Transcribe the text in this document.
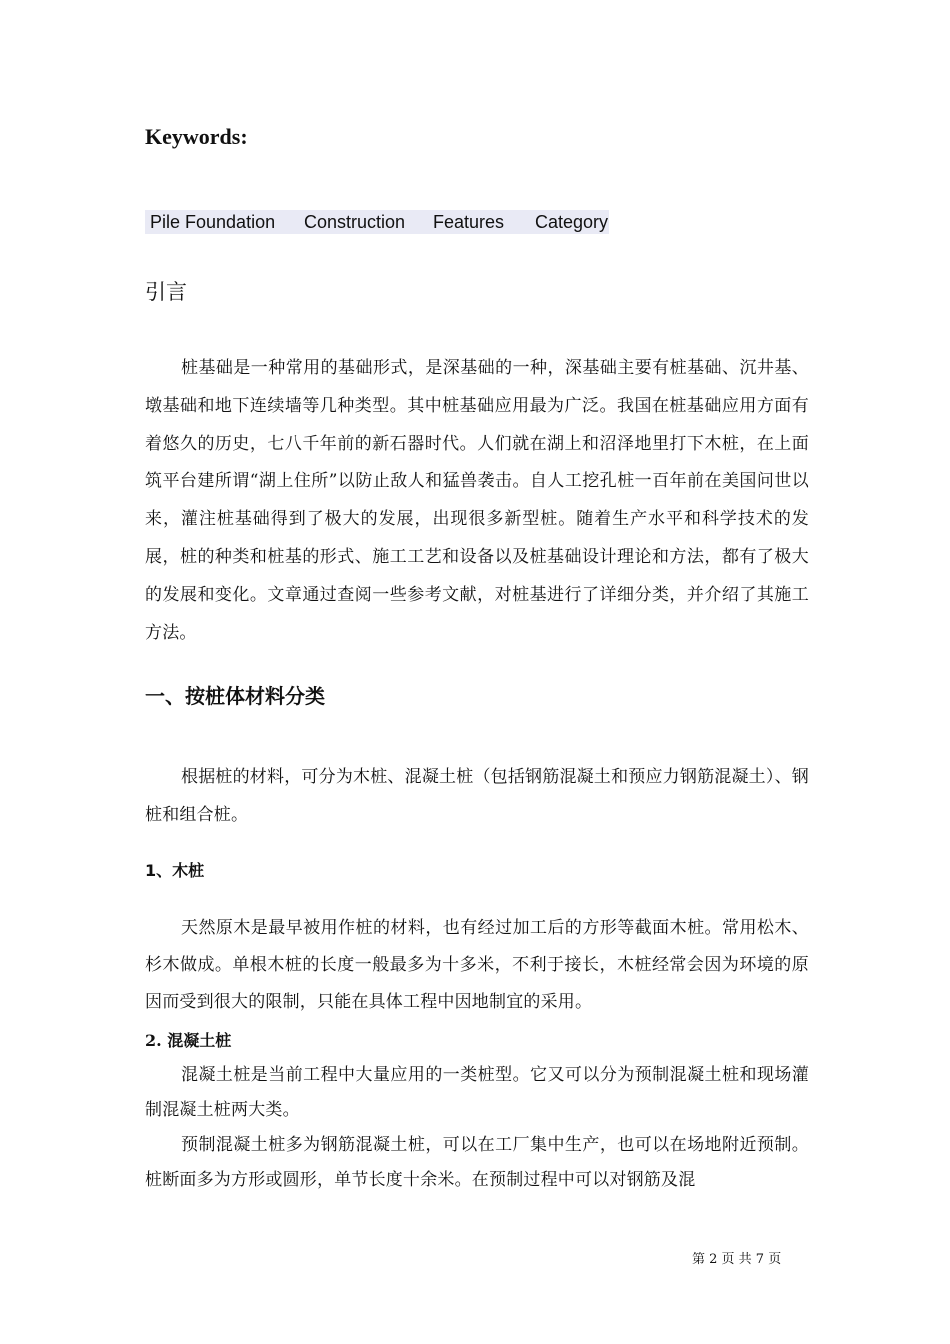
Keywords:
Pile Foundation Construction Features Category
引言
桩基础是一种常用的基础形式，是深基础的一种，深基础主要有桩基础、沉井基、墩基础和地下连续墙等几种类型。其中桩基础应用最为广泛。我国在桩基础应用方面有着悠久的历史，七八千年前的新石器时代。人们就在湖上和沼泽地里打下木桩，在上面筑平台建所谓“湖上住所”以防止敌人和猛兽袭击。自人工挖孔桩一百年前在美国问世以来，灌注桩基础得到了极大的发展，出现很多新型桩。随着生产水平和科学技术的发展，桩的种类和桩基的形式、施工工艺和设备以及桩基础设计理论和方法，都有了极大的发展和变化。文章通过查阅一些参考文献，对桩基进行了详细分类，并介绍了其施工方法。
一、按桩体材料分类
根据桩的材料，可分为木桩、混凝土桩（包括钢筋混凝土和预应力钢筋混凝土）、钢桩和组合桩。
1、木桩
天然原木是最早被用作桩的材料，也有经过加工后的方形等截面木桩。常用松木、杉木做成。单根木桩的长度一般最多为十多米，不利于接长，木桩经常会因为环境的原因而受到很大的限制，只能在具体工程中因地制宜的采用。
2. 混凝土桩
混凝土桩是当前工程中大量应用的一类桩型。它又可以分为预制混凝土桩和现场灌制混凝土桩两大类。
预制混凝土桩多为钢筋混凝土桩，可以在工厂集中生产，也可以在场地附近预制。桩断面多为方形或圆形，单节长度十余米。在预制过程中可以对钢筋及混
第 2 页 共 7 页
